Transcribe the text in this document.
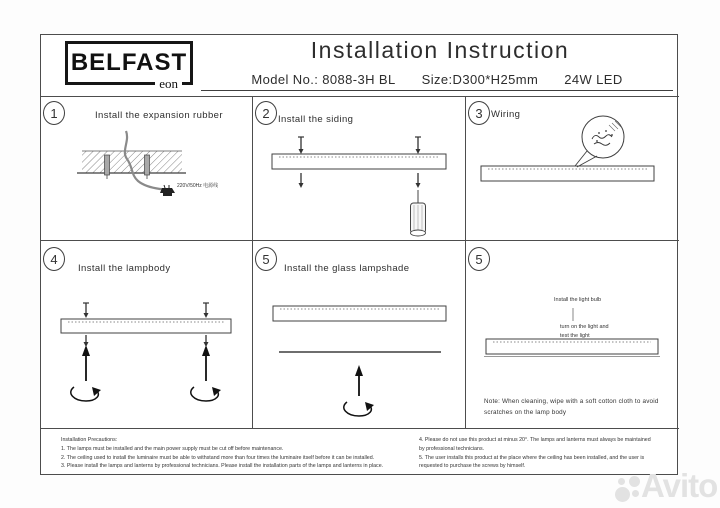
BELFAST
eon
Installation Instruction
Model No.: 8088-3H BL Size:D300*H25mm 24W LED
1	Install the expansion rubber
220V/50Hz 电源线
2 Install the siding	3 Wiring
4
Install the lampbody
5
Install the glass lampshade
5
Install the light bulb
turn on the light and
test the light
Note: When cleaning, wipe with a soft cotton cloth to avoid
scratches on the lamp body
Installation Precautions:
1. The lamps must be installed and the main power supply must be cut off before maintenance.
2. The ceiling used to install the luminaire must be able to withstand more than four times the luminaire itself before it can be installed.
3. Please install the lamps and lanterns by professional technicians. Please install the installation parts of the lamps and lanterns in place.
4. Please do not use this product at minus 20°. The lamps and lanterns must always be maintained
by professional technicians.
5. The user installs this product at the place where the ceiling has been installed, and the user is
requested to purchase the screws by himself.
Avito
